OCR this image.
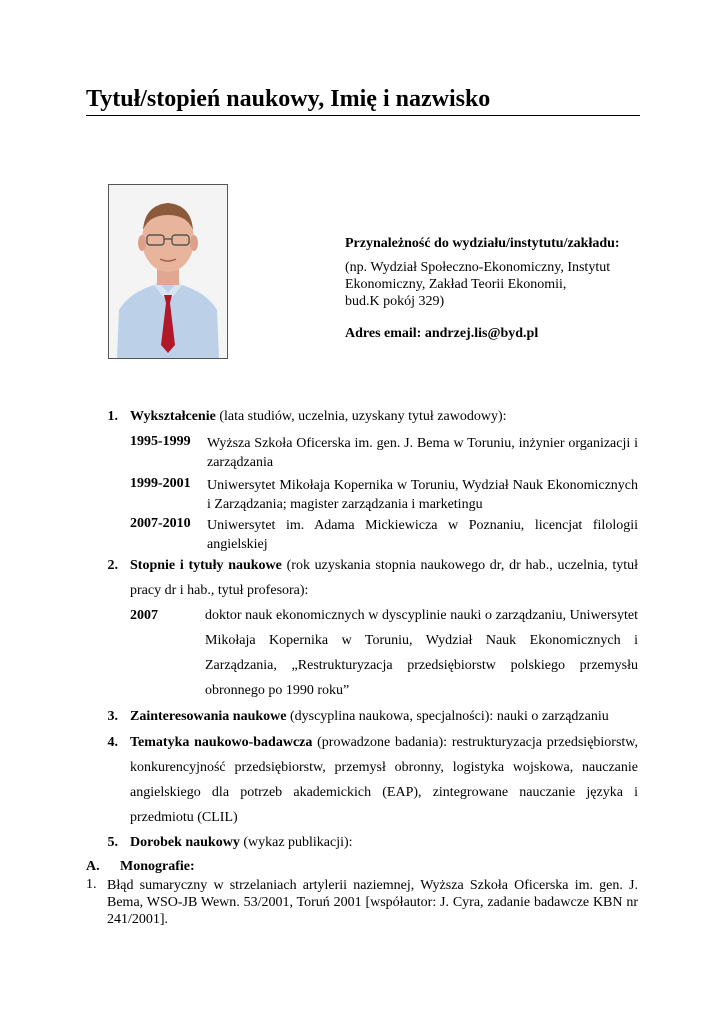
Tytuł/stopień naukowy, Imię i nazwisko

Przynależność do wydziału/instytutu/zakładu:

(np. Wydział Społeczno-Ekonomiczny, Instytut

Ekonomiczny, Zakład Teorii Ekonomii,

bud.K pokój 329)

Adres email: andrzej.lis@byd.pl

1. Wykształcenie (lata studiów, uczelnia, uzyskany tytuł zawodowy):
1995-1999 Wyższa Szkoła Oficerska im. gen. J. Bema w Toruniu, inżynier organizacji i zarządzania
1999-2001 Uniwersytet Mikołaja Kopernika w Toruniu, Wydział Nauk Ekonomicznych i Zarządzania; magister zarządzania i marketingu
2007-2010 Uniwersytet im. Adama Mickiewicza w Poznaniu, licencjat filologii angielskiej
2. Stopnie i tytuły naukowe (rok uzyskania stopnia naukowego dr, dr hab., uczelnia, tytuł pracy dr i hab., tytuł profesora):
2007	doktor nauk ekonomicznych w dyscyplinie nauki o zarządzaniu, Uniwersytet Mikołaja Kopernika w Toruniu, Wydział Nauk Ekonomicznych i Zarządzania, „Restrukturyzacja przedsiębiorstw polskiego przemysłu obronnego po 1990 roku”
3. Zainteresowania naukowe (dyscyplina naukowa, specjalności): nauki o zarządzaniu
4. Tematyka naukowo-badawcza (prowadzone badania): restrukturyzacja przedsiębiorstw, konkurencyjność przedsiębiorstw, przemysł obronny, logistyka wojskowa, nauczanie angielskiego dla potrzeb akademickich (EAP), zintegrowane nauczanie języka i przedmiotu (CLIL)
5. Dorobek naukowy (wykaz publikacji):
A. Monografie:
1. Błąd sumaryczny w strzelaniach artylerii naziemnej, Wyższa Szkoła Oficerska im. gen. J. Bema, WSO-JB Wewn. 53/2001, Toruń 2001 [współautor: J. Cyra, zadanie badawcze KBN nr 241/2001].
